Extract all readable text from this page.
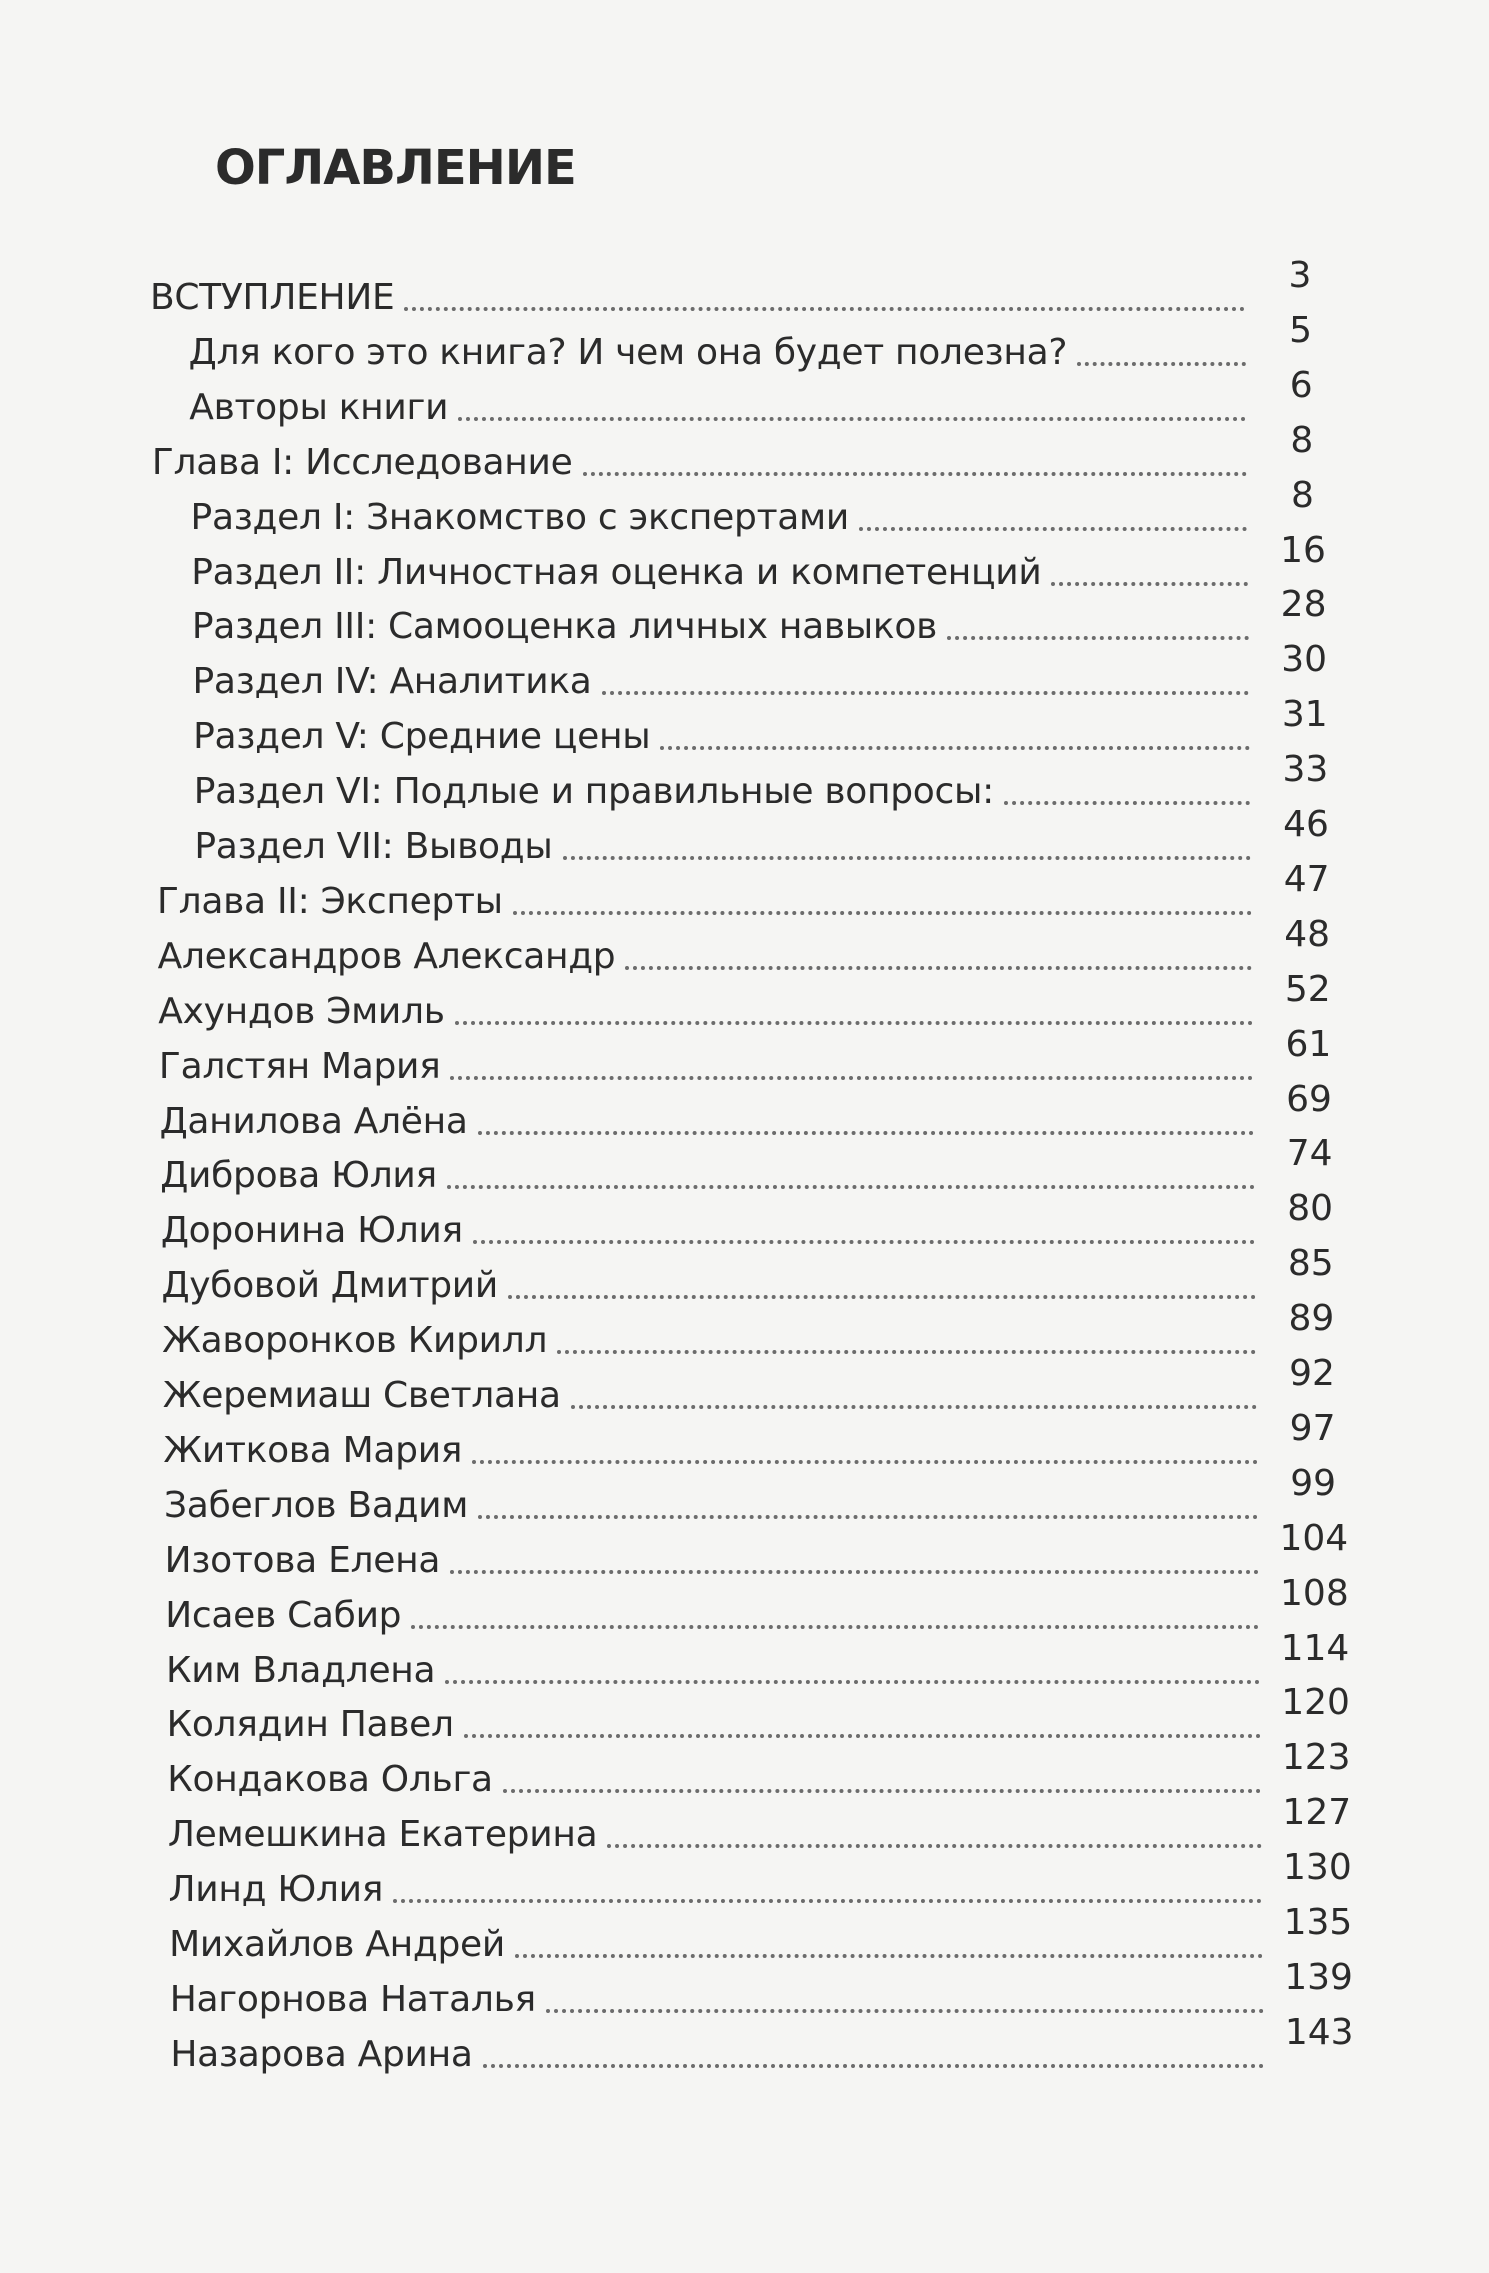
ОГЛАВЛЕНИЕ
ВСТУПЛЕНИЕ
3
Для кого это книга? И чем она будет полезна?
5
Авторы книги
6
Глава I: Исследование
8
Раздел I: Знакомство с экспертами
8
Раздел II: Личностная оценка и компетенций
16
Раздел III: Самооценка личных навыков
28
Раздел IV: Аналитика
30
Раздел V: Средние цены
31
Раздел VI: Подлые и правильные вопросы:
33
Раздел VII: Выводы
46
Глава II: Эксперты
47
Александров Александр
48
Ахундов Эмиль
52
Галстян Мария
61
Данилова Алёна
69
Диброва Юлия
74
Доронина Юлия
80
Дубовой Дмитрий
85
Жаворонков Кирилл
89
Жеремиаш Светлана
92
Житкова Мария
97
Забеглов Вадим
99
Изотова Елена
104
Исаев Сабир
108
Ким Владлена
114
Колядин Павел
120
Кондакова Ольга
123
Лемешкина Екатерина
127
Линд Юлия
130
Михайлов Андрей
135
Нагорнова Наталья
139
Назарова Арина
143
